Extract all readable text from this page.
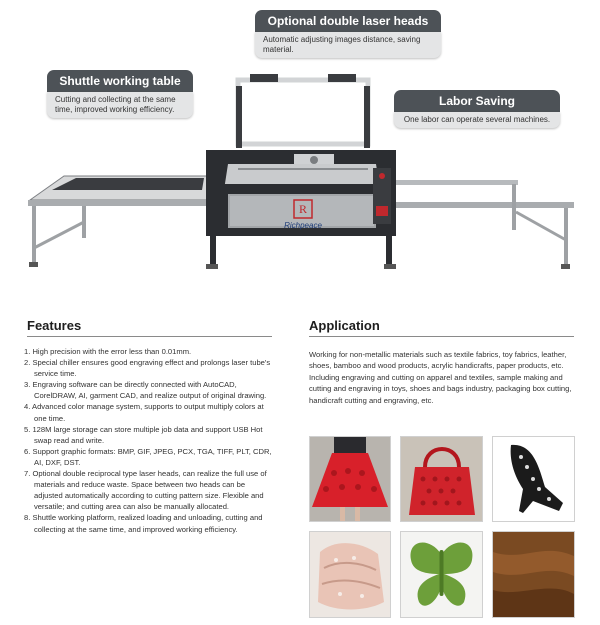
Optional double laser heads
Automatic adjusting images distance, saving material.
Shuttle working table
Cutting and collecting at the same time, improved working efficiency.
Labor Saving
One labor can operate several machines.
R
Richpeace
Features	Application
1. High precision with the error less than 0.01mm.
2. Special chiller ensures good engraving effect and prolongs laser tube's service time.
3. Engraving software can be directly connected with AutoCAD, CorelDRAW, AI, garment CAD, and realize output of original drawing.
4. Advanced color manage system, supports to output multiply colors at one time.
5. 128M large storage can store multiple job data and support USB Hot swap read and write.
6. Support graphic formats: BMP, GIF, JPEG, PCX, TGA, TIFF, PLT, CDR, AI, DXF, DST.
7. Optional double reciprocal type laser heads, can realize the full use of materials and reduce waste. Space between two heads can be adjusted automatically according to cutting pattern size. Flexible and versatile; and cutting area can also be manually allocated.
8. Shuttle working platform, realized loading and unloading, cutting and collecting at the same time, and improved working efficiency.

Working for non-metallic materials such as textile fabrics, toy fabrics, leather, shoes, bamboo and wood products, acrylic handicrafts, paper products, etc.

Including engraving and cutting on apparel and textiles, sample making and cutting and engraving in toys, shoes and bags industry, packaging box cutting, handicraft cutting and engraving, etc.
